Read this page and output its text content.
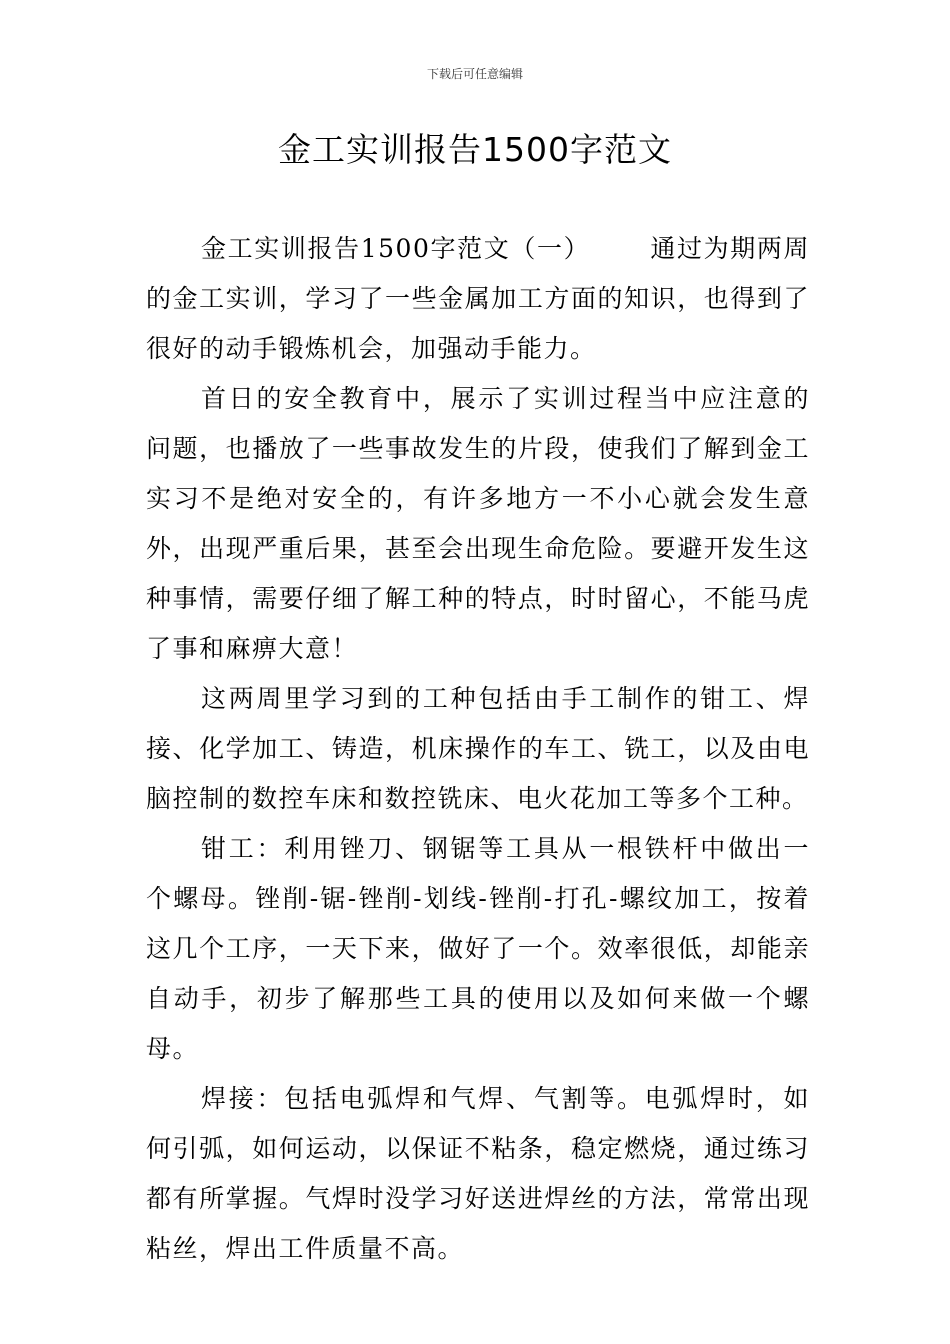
下载后可任意编辑
金工实训报告1500字范文

金工实训报告1500字范文（一） 通过为期两周的金工实训，学习了一些金属加工方面的知识，也得到了很好的动手锻炼机会，加强动手能力。

首日的安全教育中，展示了实训过程当中应注意的问题，也播放了一些事故发生的片段，使我们了解到金工实习不是绝对安全的，有许多地方一不小心就会发生意外，出现严重后果，甚至会出现生命危险。要避开发生这种事情，需要仔细了解工种的特点，时时留心，不能马虎了事和麻痹大意！

这两周里学习到的工种包括由手工制作的钳工、焊接、化学加工、铸造，机床操作的车工、铣工，以及由电脑控制的数控车床和数控铣床、电火花加工等多个工种。

钳工：利用锉刀、钢锯等工具从一根铁杆中做出一个螺母。锉削-锯-锉削-划线-锉削-打孔-螺纹加工，按着这几个工序，一天下来，做好了一个。效率很低，却能亲自动手，初步了解那些工具的使用以及如何来做一个螺母。

焊接：包括电弧焊和气焊、气割等。电弧焊时，如何引弧，如何运动，以保证不粘条，稳定燃烧，通过练习都有所掌握。气焊时没学习好送进焊丝的方法，常常出现粘丝，焊出工件质量不高。
